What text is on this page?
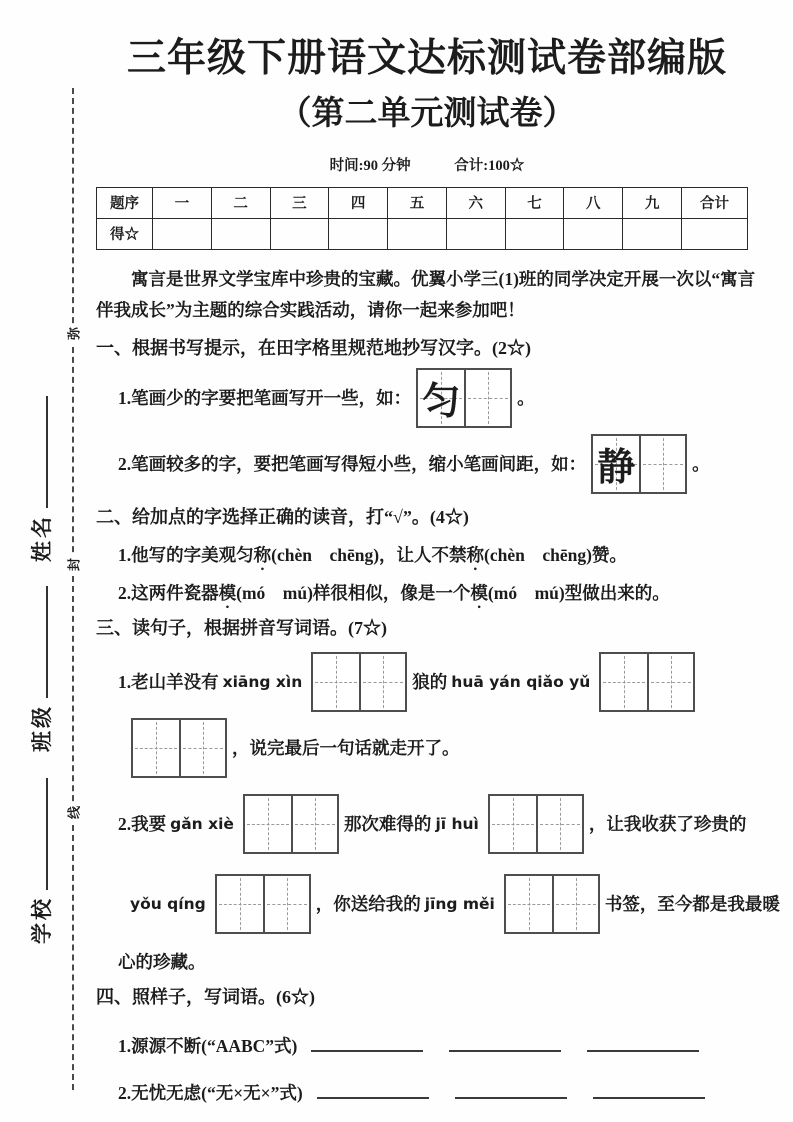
弥
封
线
姓名
班级
学校
三年级下册语文达标测试卷部编版
（第二单元测试卷）
时间:90 分钟	合计:100☆
题序	一	二	三	四	五	六	七	八	九	合计
得☆										

寓言是世界文学宝库中珍贵的宝藏。优翼小学三(1)班的同学决定开展一次以“寓言伴我成长”为主题的综合实践活动，请你一起来参加吧！

一、根据书写提示，在田字格里规范地抄写汉字。(2☆)

1.笔画少的字要把笔画写开一些，如： 匀	。
2.笔画较多的字，要把笔画写得短小些，缩小笔画间距，如： 静	。

二、给加点的字选择正确的读音，打“√”。(4☆)

1.他写的字美观匀称(chèn　chēng)，让人不禁称(chèn　chēng)赞。

2.这两件瓷器模(mó　mú)样很相似，像是一个模(mó　mú)型做出来的。

三、读句子，根据拼音写词语。(7☆)

1.老山羊没有 xiāng xìn	狼的 huā yán qiǎo yǔ
，说完最后一句话就走开了。
2.我要 gǎn xiè	那次难得的 jī huì	，让我收获了珍贵的
yǒu qíng	，你送给我的 jīng měi	书签，至今都是我最暖

心的珍藏。

四、照样子，写词语。(6☆)

1.源源不断(“AABC”式)
2.无忧无虑(“无×无×”式)
